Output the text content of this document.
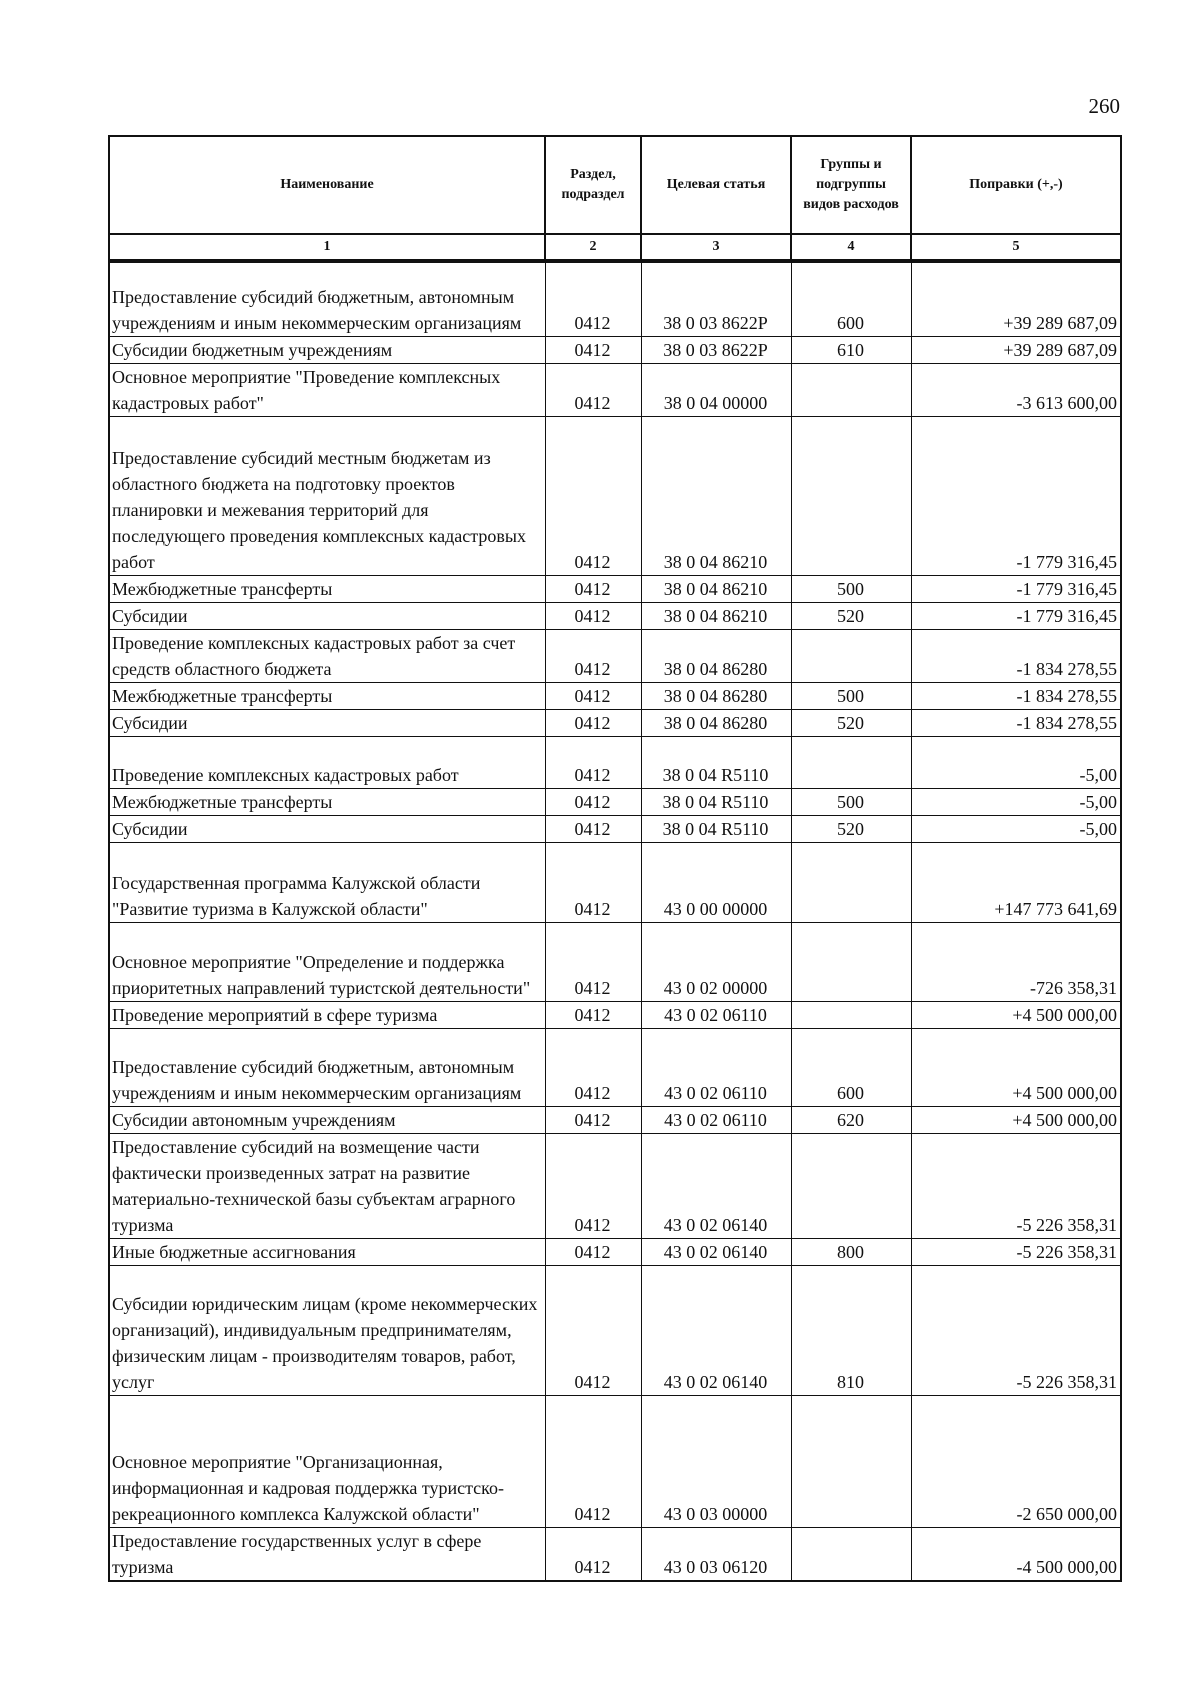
260
Наименование	Раздел, подраздел	Целевая статья	Группы и подгруппы видов расходов	Поправки (+,-)
1	2	3	4	5
Предоставление субсидий бюджетным, автономным учреждениям и иным некоммерческим организациям	0412	38 0 03 8622P	600	+39 289 687,09
Субсидии бюджетным учреждениям	0412	38 0 03 8622P	610	+39 289 687,09
Основное мероприятие "Проведение комплексных кадастровых работ"	0412	38 0 04 00000		-3 613 600,00
Предоставление субсидий местным бюджетам из областного бюджета на подготовку проектов планировки и межевания территорий для последующего проведения комплексных кадастровых работ	0412	38 0 04 86210		-1 779 316,45
Межбюджетные трансферты	0412	38 0 04 86210	500	-1 779 316,45
Субсидии	0412	38 0 04 86210	520	-1 779 316,45
Проведение комплексных кадастровых работ за счет средств областного бюджета	0412	38 0 04 86280		-1 834 278,55
Межбюджетные трансферты	0412	38 0 04 86280	500	-1 834 278,55
Субсидии	0412	38 0 04 86280	520	-1 834 278,55
Проведение комплексных кадастровых работ	0412	38 0 04 R5110		-5,00
Межбюджетные трансферты	0412	38 0 04 R5110	500	-5,00
Субсидии	0412	38 0 04 R5110	520	-5,00
Государственная программа Калужской области "Развитие туризма в Калужской области"	0412	43 0 00 00000		+147 773 641,69
Основное мероприятие "Определение и поддержка приоритетных направлений туристской деятельности"	0412	43 0 02 00000		-726 358,31
Проведение мероприятий в сфере туризма	0412	43 0 02 06110		+4 500 000,00
Предоставление субсидий бюджетным, автономным учреждениям и иным некоммерческим организациям	0412	43 0 02 06110	600	+4 500 000,00
Субсидии автономным учреждениям	0412	43 0 02 06110	620	+4 500 000,00
Предоставление субсидий на возмещение части фактически произведенных затрат на развитие материально-технической базы субъектам аграрного туризма	0412	43 0 02 06140		-5 226 358,31
Иные бюджетные ассигнования	0412	43 0 02 06140	800	-5 226 358,31
Субсидии юридическим лицам (кроме некоммерческих организаций), индивидуальным предпринимателям, физическим лицам - производителям товаров, работ, услуг	0412	43 0 02 06140	810	-5 226 358,31
Основное мероприятие "Организационная, информационная и кадровая поддержка туристско-рекреационного комплекса Калужской области"	0412	43 0 03 00000		-2 650 000,00
Предоставление государственных услуг в сфере туризма	0412	43 0 03 06120		-4 500 000,00
